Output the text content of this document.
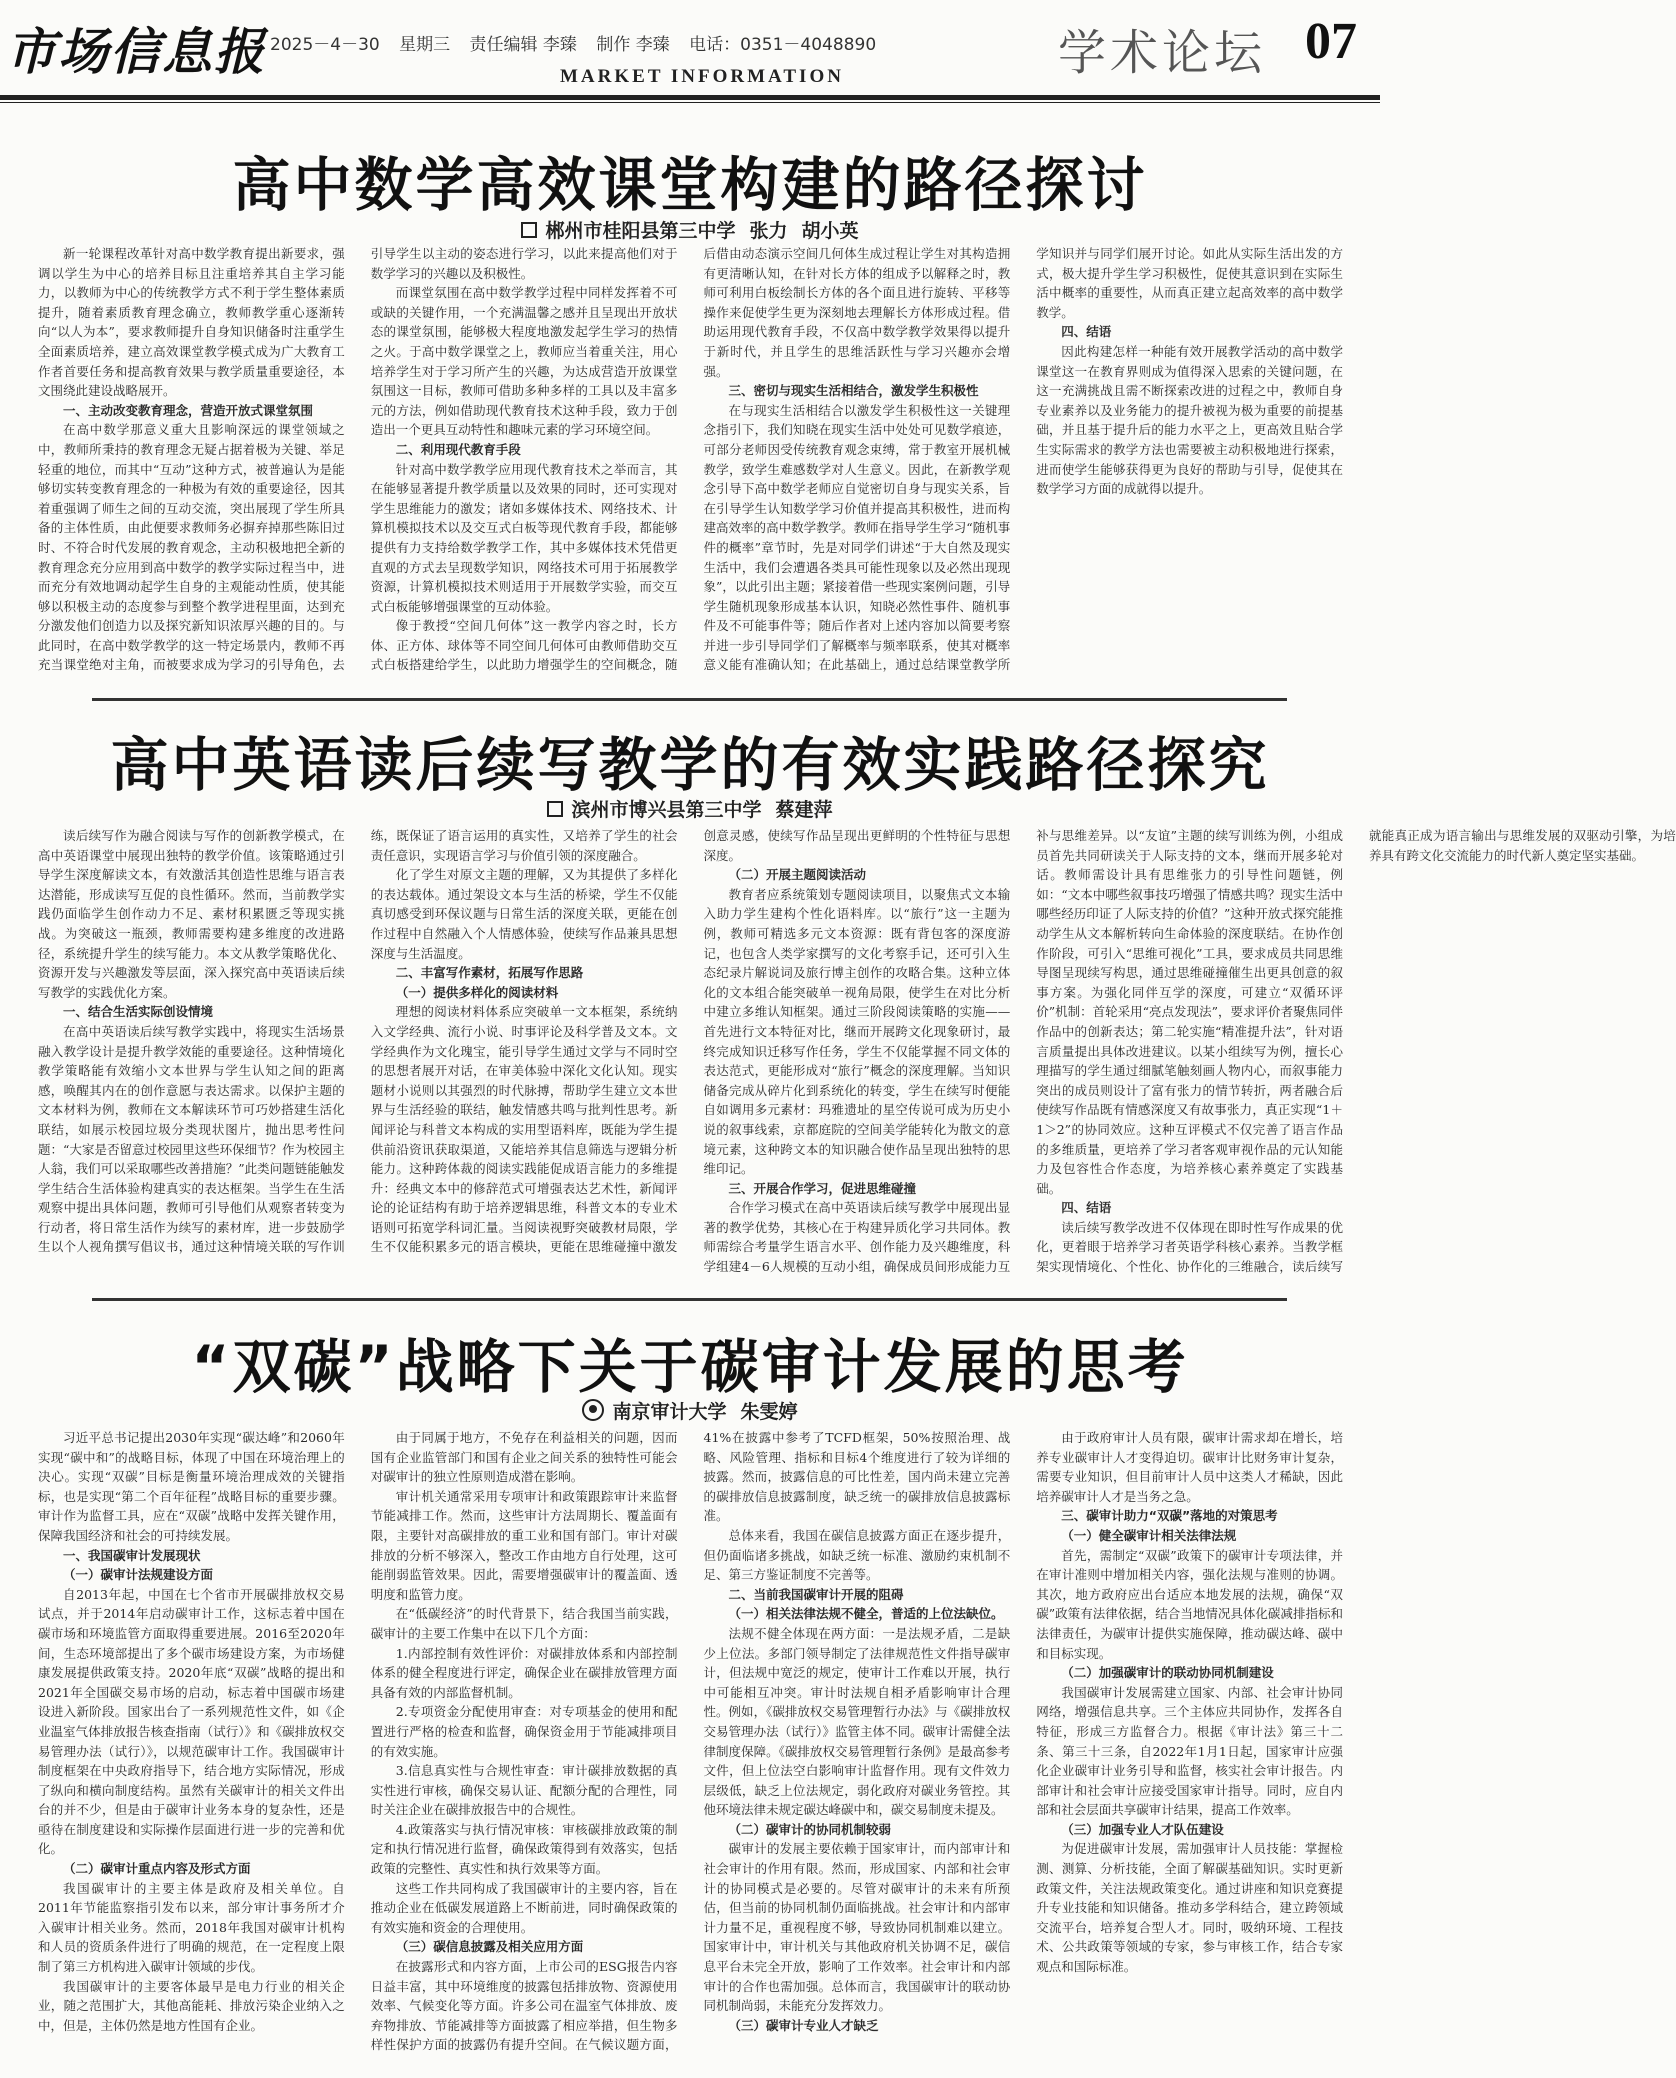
市场信息报 2025－4－30 星期三 责任编辑 李臻 制作 李臻 电话：0351－4048890
MARKET INFORMATION	学术论坛 07
高中数学高效课堂构建的路径探讨
郴州市桂阳县第三中学 张力 胡小英

新一轮课程改革针对高中数学教育提出新要求，强调以学生为中心的培养目标且注重培养其自主学习能力，以教师为中心的传统教学方式不利于学生整体素质提升，随着素质教育理念确立，教师教学重心逐渐转向“以人为本”，要求教师提升自身知识储备时注重学生全面素质培养，建立高效课堂教学模式成为广大教育工作者首要任务和提高教育效果与教学质量重要途径，本文围绕此建设战略展开。

一、主动改变教育理念，营造开放式课堂氛围

在高中数学那意义重大且影响深远的课堂领域之中，教师所秉持的教育理念无疑占据着极为关键、举足轻重的地位，而其中“互动”这种方式，被普遍认为是能够切实转变教育理念的一种极为有效的重要途径，因其着重强调了师生之间的互动交流，突出展现了学生所具备的主体性质，由此便要求教师务必摒弃掉那些陈旧过时、不符合时代发展的教育观念，主动积极地把全新的教育理念充分应用到高中数学的教学实际过程当中，进而充分有效地调动起学生自身的主观能动性质，使其能够以积极主动的态度参与到整个教学进程里面，达到充分激发他们创造力以及探究新知识浓厚兴趣的目的。与此同时，在高中数学教学的这一特定场景内，教师不再充当课堂绝对主角，而被要求成为学习的引导角色，去引导学生以主动的姿态进行学习，以此来提高他们对于数学学习的兴趣以及积极性。

而课堂氛围在高中数学教学过程中同样发挥着不可或缺的关键作用，一个充满温馨之感并且呈现出开放状态的课堂氛围，能够极大程度地激发起学生学习的热情之火。于高中数学课堂之上，教师应当着重关注，用心培养学生对于学习所产生的兴趣，为达成营造开放课堂氛围这一目标，教师可借助多种多样的工具以及丰富多元的方法，例如借助现代教育技术这种手段，致力于创造出一个更具互动特性和趣味元素的学习环境空间。

二、利用现代教育手段

针对高中数学教学应用现代教育技术之举而言，其在能够显著提升教学质量以及效果的同时，还可实现对学生思维能力的激发；诸如多媒体技术、网络技术、计算机模拟技术以及交互式白板等现代教育手段，都能够提供有力支持给数学教学工作，其中多媒体技术凭借更直观的方式去呈现数学知识，网络技术可用于拓展教学资源，计算机模拟技术则适用于开展数学实验，而交互式白板能够增强课堂的互动体验。

像于教授“空间几何体”这一教学内容之时，长方体、正方体、球体等不同空间几何体可由教师借助交互式白板搭建给学生，以此助力增强学生的空间概念，随后借由动态演示空间几何体生成过程让学生对其构造拥有更清晰认知，在针对长方体的组成予以解释之时，教师可利用白板绘制长方体的各个面且进行旋转、平移等操作来促使学生更为深刻地去理解长方体形成过程。借助运用现代教育手段，不仅高中数学教学效果得以提升于新时代，并且学生的思维活跃性与学习兴趣亦会增强。

三、密切与现实生活相结合，激发学生积极性

在与现实生活相结合以激发学生积极性这一关键理念指引下，我们知晓在现实生活中处处可见数学痕迹，可部分老师因受传统教育观念束缚，常于教室开展机械教学，致学生难感数学对人生意义。因此，在新教学观念引导下高中数学老师应自觉密切自身与现实关系，旨在引导学生认知数学学习价值并提高其积极性，进而构建高效率的高中数学教学。教师在指导学生学习“随机事件的概率”章节时，先是对同学们讲述“于大自然及现实生活中，我们会遭遇各类具可能性现象以及必然出现现象”，以此引出主题；紧接着借一些现实案例问题，引导学生随机现象形成基本认识，知晓必然性事件、随机事件及不可能事件等；随后作者对上述内容加以简要考察并进一步引导同学们了解概率与频率联系，使其对概率意义能有准确认知；在此基础上，通过总结课堂教学所学知识并与同学们展开讨论。如此从实际生活出发的方式，极大提升学生学习积极性，促使其意识到在实际生活中概率的重要性，从而真正建立起高效率的高中数学教学。

四、结语

因此构建怎样一种能有效开展教学活动的高中数学课堂这一在教育界则成为值得深入思索的关键问题，在这一充满挑战且需不断探索改进的过程之中，教师自身专业素养以及业务能力的提升被视为极为重要的前提基础，并且基于提升后的能力水平之上，更高效且贴合学生实际需求的教学方法也需要被主动积极地进行探索，进而使学生能够获得更为良好的帮助与引导，促使其在数学学习方面的成就得以提升。

高中英语读后续写教学的有效实践路径探究
滨州市博兴县第三中学 蔡建萍

读后续写作为融合阅读与写作的创新教学模式，在高中英语课堂中展现出独特的教学价值。该策略通过引导学生深度解读文本，有效激活其创造性思维与语言表达潜能，形成读写互促的良性循环。然而，当前教学实践仍面临学生创作动力不足、素材积累匮乏等现实挑战。为突破这一瓶颈，教师需要构建多维度的改进路径，系统提升学生的续写能力。本文从教学策略优化、资源开发与兴趣激发等层面，深入探究高中英语读后续写教学的实践优化方案。

一、结合生活实际创设情境

在高中英语读后续写教学实践中，将现实生活场景融入教学设计是提升教学效能的重要途径。这种情境化教学策略能有效缩小文本世界与学生认知之间的距离感，唤醒其内在的创作意愿与表达需求。以保护主题的文本材料为例，教师在文本解读环节可巧妙搭建生活化联结，如展示校园垃圾分类现状图片，抛出思考性问题：“大家是否留意过校园里这些环保细节？作为校园主人翁，我们可以采取哪些改善措施？”此类问题链能触发学生结合生活体验构建真实的表达框架。当学生在生活观察中提出具体问题，教师可引导他们从观察者转变为行动者，将日常生活作为续写的素材库，进一步鼓励学生以个人视角撰写倡议书，通过这种情境关联的写作训练，既保证了语言运用的真实性，又培养了学生的社会责任意识，实现语言学习与价值引领的深度融合。

化了学生对原文主题的理解，又为其提供了多样化的表达载体。通过架设文本与生活的桥梁，学生不仅能真切感受到环保议题与日常生活的深度关联，更能在创作过程中自然融入个人情感体验，使续写作品兼具思想深度与生活温度。

二、丰富写作素材，拓展写作思路

（一）提供多样化的阅读材料

理想的阅读材料体系应突破单一文本框架，系统纳入文学经典、流行小说、时事评论及科学普及文本。文学经典作为文化瑰宝，能引导学生通过文学与不同时空的思想者展开对话，在审美体验中深化文化认知。现实题材小说则以其强烈的时代脉搏，帮助学生建立文本世界与生活经验的联结，触发情感共鸣与批判性思考。新闻评论与科普文本构成的实用型语料库，既能为学生提供前沿资讯获取渠道，又能培养其信息筛选与逻辑分析能力。这种跨体裁的阅读实践能促成语言能力的多维提升：经典文本中的修辞范式可增强表达艺术性，新闻评论的论证结构有助于培养逻辑思维，科普文本的专业术语则可拓宽学科词汇量。当阅读视野突破教材局限，学生不仅能积累多元的语言模块，更能在思维碰撞中激发创意灵感，使续写作品呈现出更鲜明的个性特征与思想深度。

（二）开展主题阅读活动

教育者应系统策划专题阅读项目，以聚焦式文本输入助力学生建构个性化语料库。以“旅行”这一主题为例，教师可精选多元文本资源：既有背包客的深度游记，也包含人类学家撰写的文化考察手记，还可引入生态纪录片解说词及旅行博主创作的攻略合集。这种立体化的文本组合能突破单一视角局限，使学生在对比分析中建立多维认知框架。通过三阶段阅读策略的实施——首先进行文本特征对比，继而开展跨文化现象研讨，最终完成知识迁移写作任务，学生不仅能掌握不同文体的表达范式，更能形成对“旅行”概念的深度理解。当知识储备完成从碎片化到系统化的转变，学生在续写时便能自如调用多元素材：玛雅遗址的星空传说可成为历史小说的叙事线索，京都庭院的空间美学能转化为散文的意境元素，这种跨文本的知识融合使作品呈现出独特的思维印记。

三、开展合作学习，促进思维碰撞

合作学习模式在高中英语读后续写教学中展现出显著的教学优势，其核心在于构建异质化学习共同体。教师需综合考量学生语言水平、创作能力及兴趣维度，科学组建4－6人规模的互动小组，确保成员间形成能力互补与思维差异。以“友谊”主题的续写训练为例，小组成员首先共同研读关于人际支持的文本，继而开展多轮对话。教师需设计具有思维张力的引导性问题链，例如：“文本中哪些叙事技巧增强了情感共鸣？现实生活中哪些经历印证了人际支持的价值？”这种开放式探究能推动学生从文本解析转向生命体验的深度联结。在协作创作阶段，可引入“思维可视化”工具，要求成员共同思维导图呈现续写构思，通过思维碰撞催生出更具创意的叙事方案。为强化同伴互学的深度，可建立“双循环评价”机制：首轮采用“亮点发现法”，要求评价者聚焦同伴作品中的创新表达；第二轮实施“精准提升法”，针对语言质量提出具体改进建议。以某小组续写为例，擅长心理描写的学生通过细腻笔触刻画人物内心，而叙事能力突出的成员则设计了富有张力的情节转折，两者融合后使续写作品既有情感深度又有故事张力，真正实现“1＋1＞2”的协同效应。这种互评模式不仅完善了语言作品的多维质量，更培养了学习者客观审视作品的元认知能力及包容性合作态度，为培养核心素养奠定了实践基础。

四、结语

读后续写教学改进不仅体现在即时性写作成果的优化，更着眼于培养学习者英语学科核心素养。当教学框架实现情境化、个性化、协作化的三维融合，读后续写就能真正成为语言输出与思维发展的双驱动引擎，为培养具有跨文化交流能力的时代新人奠定坚实基础。

“双碳”战略下关于碳审计发展的思考
南京审计大学 朱雯婷

习近平总书记提出2030年实现“碳达峰”和2060年实现“碳中和”的战略目标，体现了中国在环境治理上的决心。实现“双碳”目标是衡量环境治理成效的关键指标，也是实现“第二个百年征程”战略目标的重要步骤。审计作为监督工具，应在“双碳”战略中发挥关键作用，保障我国经济和社会的可持续发展。

一、我国碳审计发展现状

（一）碳审计法规建设方面

自2013年起，中国在七个省市开展碳排放权交易试点，并于2014年启动碳审计工作，这标志着中国在碳市场和环境监管方面取得重要进展。2016至2020年间，生态环境部提出了多个碳市场建设方案，为市场健康发展提供政策支持。2020年底“双碳”战略的提出和2021年全国碳交易市场的启动，标志着中国碳市场建设进入新阶段。国家出台了一系列规范性文件，如《企业温室气体排放报告核查指南（试行）》和《碳排放权交易管理办法（试行）》，以规范碳审计工作。我国碳审计制度框架在中央政府指导下，结合地方实际情况，形成了纵向和横向制度结构。虽然有关碳审计的相关文件出台的并不少，但是由于碳审计业务本身的复杂性，还是亟待在制度建设和实际操作层面进行进一步的完善和优化。

（二）碳审计重点内容及形式方面

我国碳审计的主要主体是政府及相关单位。自2011年节能监察指引发布以来，部分审计事务所才介入碳审计相关业务。然而，2018年我国对碳审计机构和人员的资质条件进行了明确的规范，在一定程度上限制了第三方机构进入碳审计领域的步伐。

我国碳审计的主要客体最早是电力行业的相关企业，随之范围扩大，其他高能耗、排放污染企业纳入之中，但是，主体仍然是地方性国有企业。

由于同属于地方，不免存在利益相关的问题，因而国有企业监管部门和国有企业之间关系的独特性可能会对碳审计的独立性原则造成潜在影响。

审计机关通常采用专项审计和政策跟踪审计来监督节能减排工作。然而，这些审计方法周期长、覆盖面有限，主要针对高碳排放的重工业和国有部门。审计对碳排放的分析不够深入，整改工作由地方自行处理，这可能削弱监管效果。因此，需要增强碳审计的覆盖面、透明度和监管力度。

在“低碳经济”的时代背景下，结合我国当前实践，碳审计的主要工作集中在以下几个方面：

1.内部控制有效性评价：对碳排放体系和内部控制体系的健全程度进行评定，确保企业在碳排放管理方面具备有效的内部监督机制。

2.专项资金分配使用审查：对专项基金的使用和配置进行严格的检查和监督，确保资金用于节能减排项目的有效实施。

3.信息真实性与合规性审查：审计碳排放数据的真实性进行审核，确保交易认证、配额分配的合理性，同时关注企业在碳排放报告中的合规性。

4.政策落实与执行情况审核：审核碳排放政策的制定和执行情况进行监督，确保政策得到有效落实，包括政策的完整性、真实性和执行效果等方面。

这些工作共同构成了我国碳审计的主要内容，旨在推动企业在低碳发展道路上不断前进，同时确保政策的有效实施和资金的合理使用。

（三）碳信息披露及相关应用方面

在披露形式和内容方面，上市公司的ESG报告内容日益丰富，其中环境维度的披露包括排放物、资源使用效率、气候变化等方面。许多公司在温室气体排放、废弃物排放、节能减排等方面披露了相应举措，但生物多样性保护方面的披露仍有提升空间。在气候议题方面，41%在披露中参考了TCFD框架，50%按照治理、战略、风险管理、指标和目标4个维度进行了较为详细的披露。然而，披露信息的可比性差，国内尚未建立完善的碳排放信息披露制度，缺乏统一的碳排放信息披露标准。

总体来看，我国在碳信息披露方面正在逐步提升，但仍面临诸多挑战，如缺乏统一标准、激励约束机制不足、第三方鉴证制度不完善等。

二、当前我国碳审计开展的阻碍

（一）相关法律法规不健全，普适的上位法缺位。

法规不健全体现在两方面：一是法规矛盾，二是缺少上位法。多部门领导制定了法律规范性文件指导碳审计，但法规中宽泛的规定，使审计工作难以开展，执行中可能相互冲突。审计时法规自相矛盾影响审计合理性。例如，《碳排放权交易管理暂行办法》与《碳排放权交易管理办法（试行）》监管主体不同。碳审计需健全法律制度保障。《碳排放权交易管理暂行条例》是最高参考文件，但上位法空白影响审计监督作用。现有文件效力层级低，缺乏上位法规定，弱化政府对碳业务管控。其他环境法律未规定碳达峰碳中和，碳交易制度未提及。

（二）碳审计的协同机制较弱

碳审计的发展主要依赖于国家审计，而内部审计和社会审计的作用有限。然而，形成国家、内部和社会审计的协同模式是必要的。尽管对碳审计的未来有所预估，但当前的协同机制仍面临挑战。社会审计和内部审计力量不足，重视程度不够，导致协同机制难以建立。国家审计中，审计机关与其他政府机关协调不足，碳信息平台未完全开放，影响了工作效率。社会审计和内部审计的合作也需加强。总体而言，我国碳审计的联动协同机制尚弱，未能充分发挥效力。

（三）碳审计专业人才缺乏

由于政府审计人员有限，碳审计需求却在增长，培养专业碳审计人才变得迫切。碳审计比财务审计复杂，需要专业知识，但目前审计人员中这类人才稀缺，因此培养碳审计人才是当务之急。

三、碳审计助力“双碳”落地的对策思考

（一）健全碳审计相关法律法规

首先，需制定“双碳”政策下的碳审计专项法律，并在审计准则中增加相关内容，强化法规与准则的协调。其次，地方政府应出台适应本地发展的法规，确保“双碳”政策有法律依据，结合当地情况具体化碳减排指标和法律责任，为碳审计提供实施保障，推动碳达峰、碳中和目标实现。

（二）加强碳审计的联动协同机制建设

我国碳审计发展需建立国家、内部、社会审计协同网络，增强信息共享。三个主体应共同协作，发挥各自特征，形成三方监督合力。根据《审计法》第三十二条、第三十三条，自2022年1月1日起，国家审计应强化企业碳审计业务引导和监督，核实社会审计报告。内部审计和社会审计应接受国家审计指导。同时，应自内部和社会层面共享碳审计结果，提高工作效率。

（三）加强专业人才队伍建设

为促进碳审计发展，需加强审计人员技能：掌握检测、测算、分析技能，全面了解碳基础知识。实时更新政策文件，关注法规政策变化。通过讲座和知识竞赛提升专业技能和知识储备。推动多学科结合，建立跨领域交流平台，培养复合型人才。同时，吸纳环境、工程技术、公共政策等领域的专家，参与审核工作，结合专家观点和国际标准。
